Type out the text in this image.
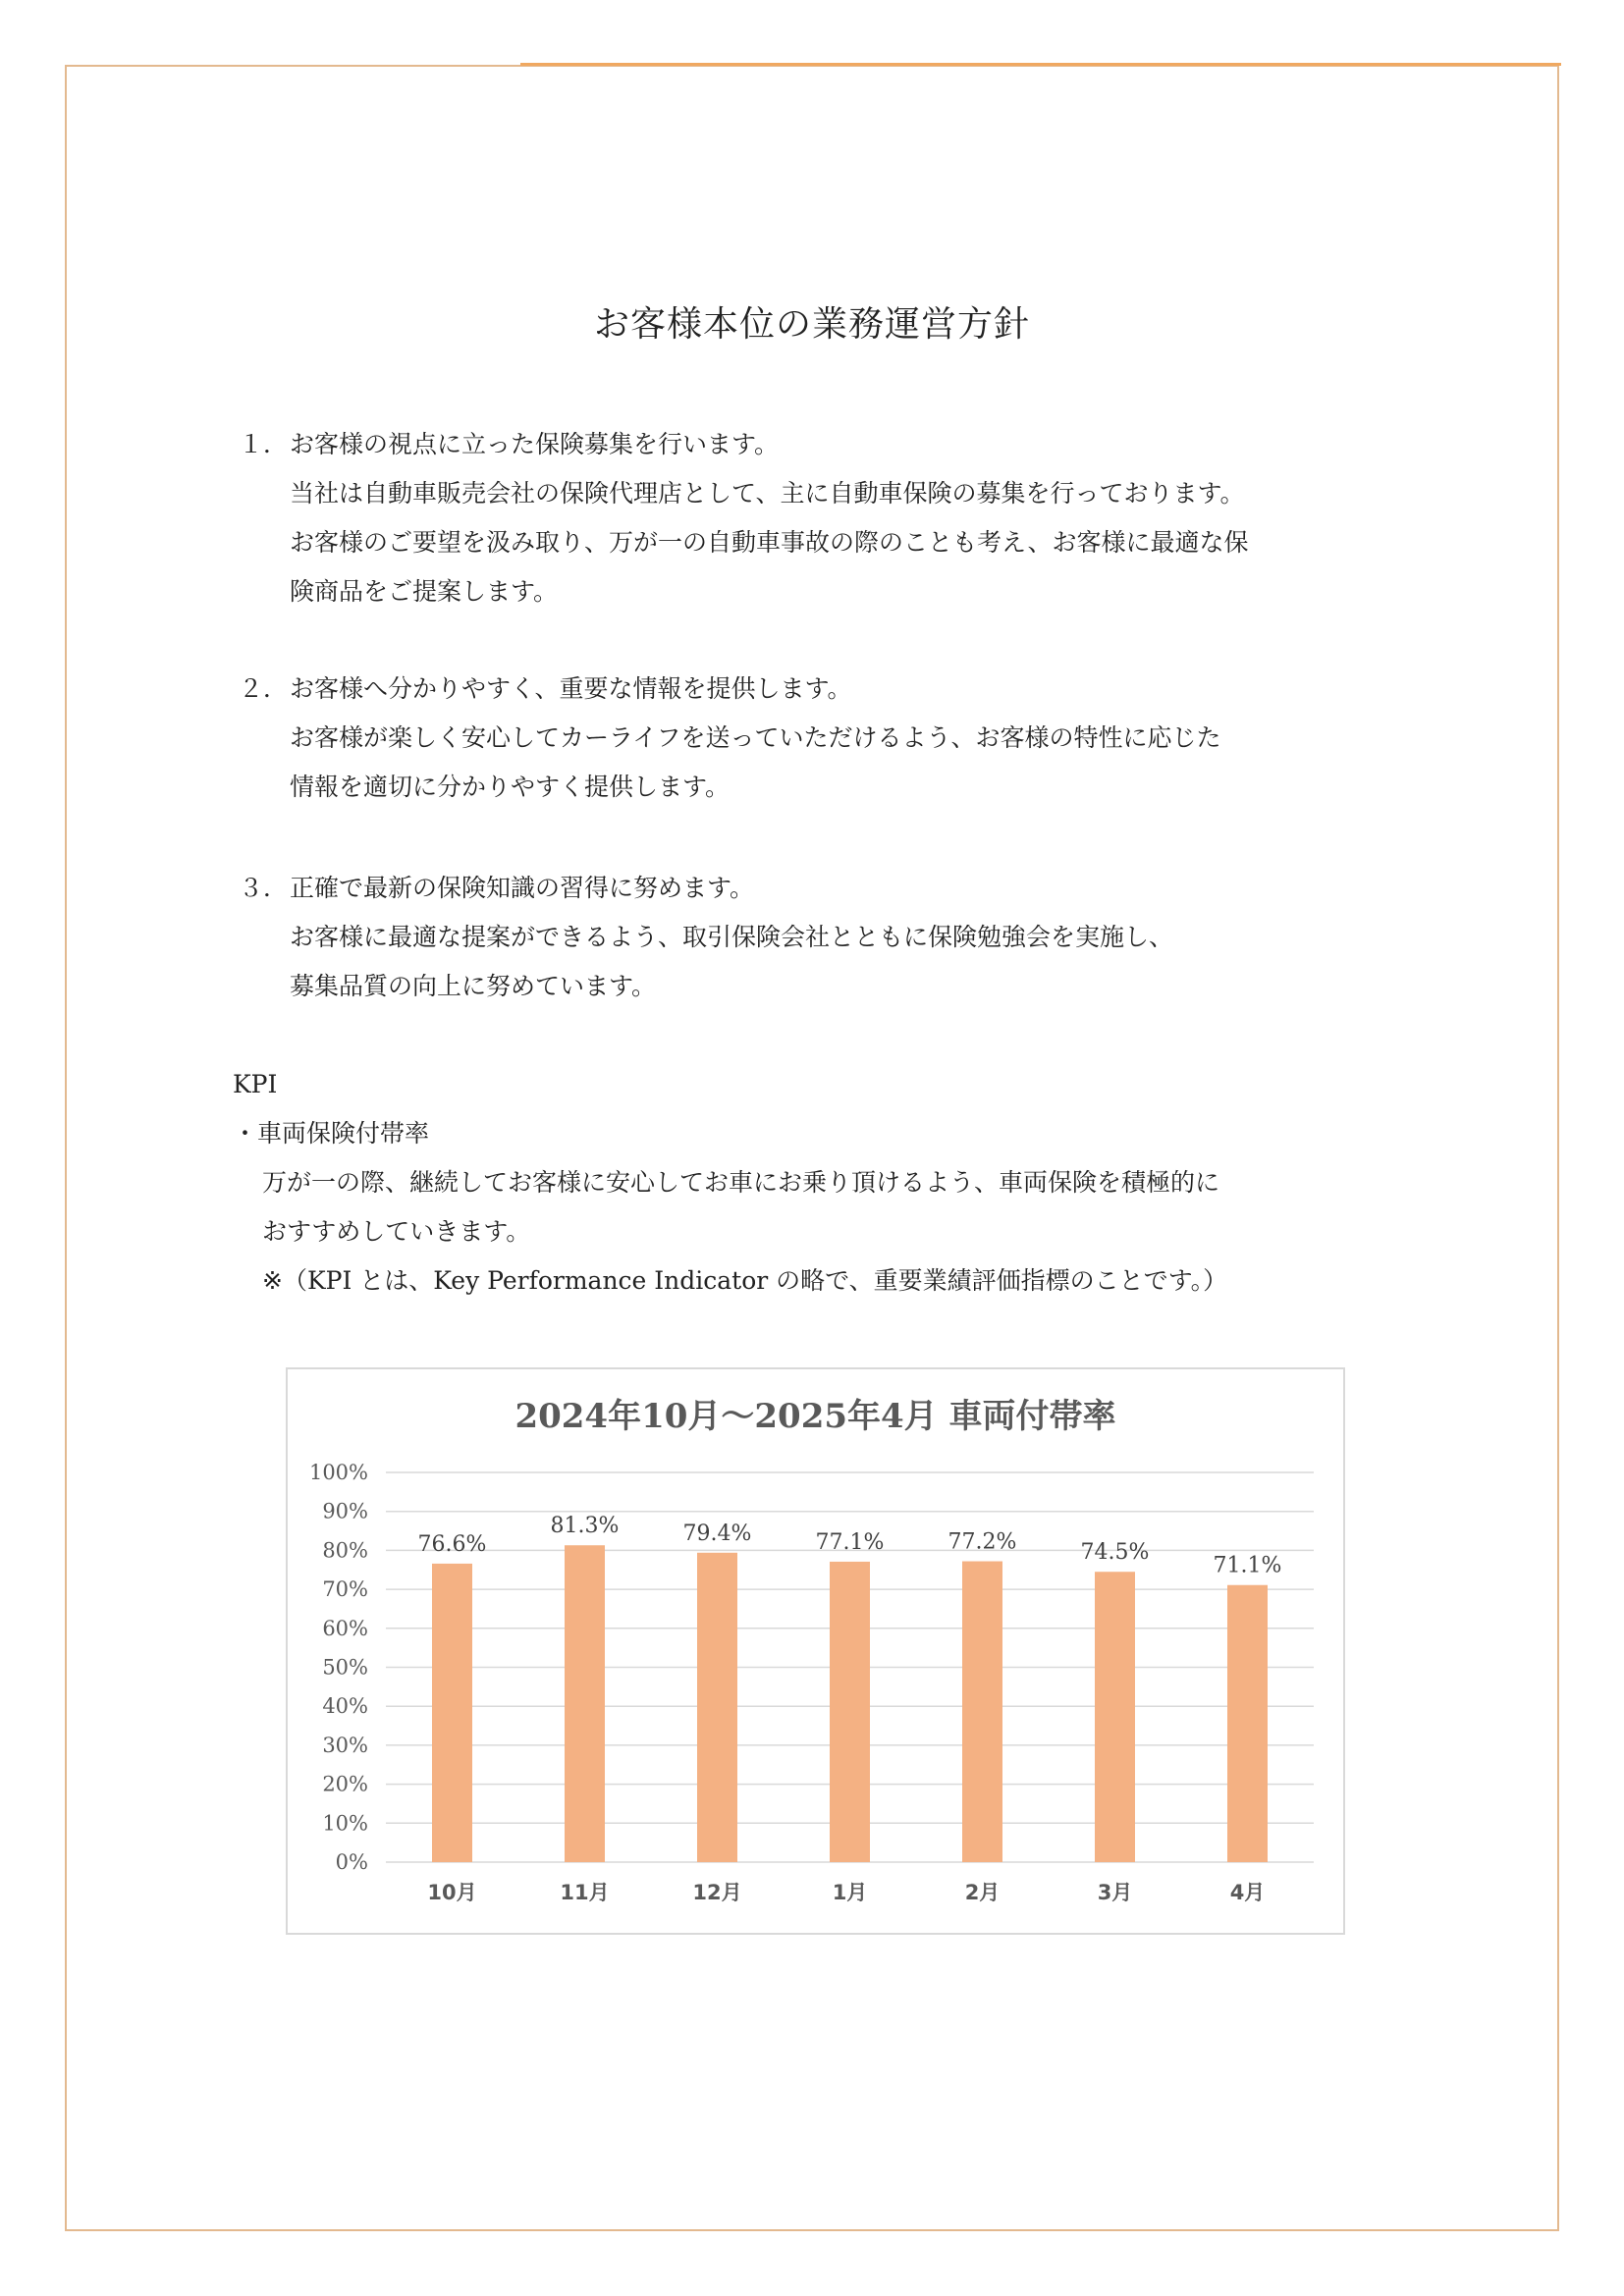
お客様本位の業務運営方針
１． お客様の視点に立った保険募集を行います。
当社は自動車販売会社の保険代理店として、主に自動車保険の募集を行っております。
お客様のご要望を汲み取り、万が一の自動車事故の際のことも考え、お客様に最適な保
険商品をご提案します。
２． お客様へ分かりやすく、重要な情報を提供します。
お客様が楽しく安心してカーライフを送っていただけるよう、お客様の特性に応じた
情報を適切に分かりやすく提供します。
３． 正確で最新の保険知識の習得に努めます。
お客様に最適な提案ができるよう、取引保険会社とともに保険勉強会を実施し、
募集品質の向上に努めています。
KPI
・車両保険付帯率
万が一の際、継続してお客様に安心してお車にお乗り頂けるよう、車両保険を積極的に
おすすめしていきます。
※（KPI とは、Key Performance Indicator の略で、重要業績評価指標のことです。）
2024年10月～2025年4月 車両付帯率
0%
10%
20%
30%
40%
50%
60%
70%
80%
90%
100%
76.6%
10月
81.3%
11月
79.4%
12月
77.1%
1月
77.2%
2月
74.5%
3月
71.1%
4月
